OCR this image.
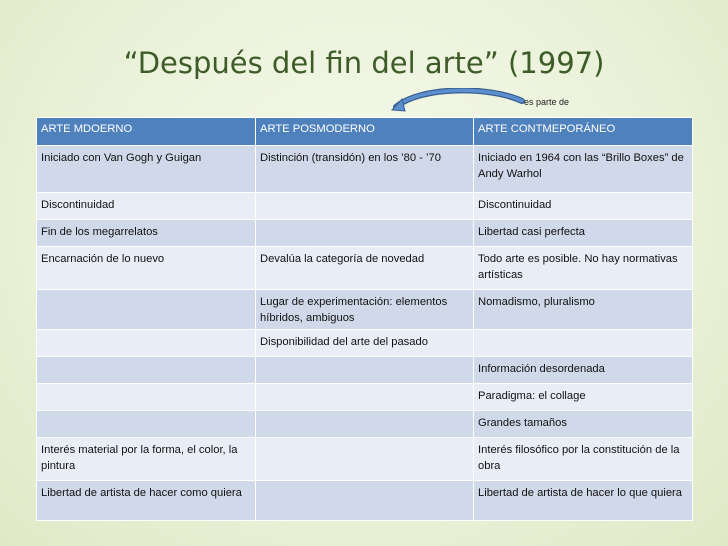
“Después del fin del arte” (1997)
es parte de
ARTE MDOERNO	ARTE POSMODERNO	ARTE CONTMEPORÁNEO
Iniciado con Van Gogh y Guigan	Distinción (transidón) en los ’80 - ’70	Iniciado en 1964 con las “Brillo Boxes” de Andy Warhol
Discontinuidad		Discontinuidad
Fin de los megarrelatos		Libertad casi perfecta
Encarnación de lo nuevo	Devalúa la categoría de novedad	Todo arte es posible. No hay normativas artísticas
	Lugar de experimentación: elementos híbridos, ambiguos	Nomadismo, pluralismo
	Disponibilidad del arte del pasado	
		Información desordenada
		Paradigma: el collage
		Grandes tamaños
Interés material por la forma, el color, la pintura		Interés filosófico por la constitución de la obra
Libertad de artista de hacer como quiera		Libertad de artista de hacer lo que quiera
